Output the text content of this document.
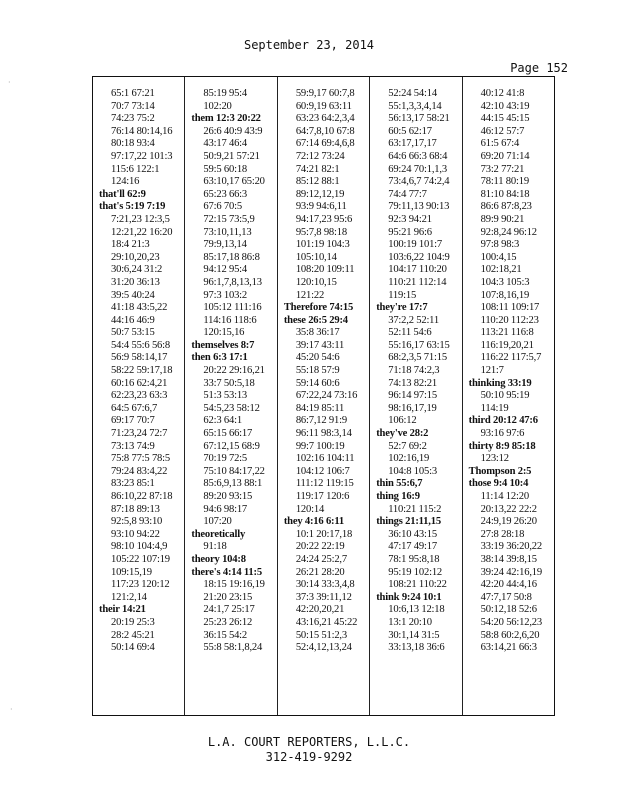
September 23, 2014
Page 152
65:1 67:21
70:7 73:14
74:23 75:2
76:14 80:14,16
80:18 93:4
97:17,22 101:3
115:6 122:1
124:16
that'll 62:9
that's 5:19 7:19
7:21,23 12:3,5
12:21,22 16:20
18:4 21:3
29:10,20,23
30:6,24 31:2
31:20 36:13
39:5 40:24
41:18 43:5,22
44:16 46:9
50:7 53:15
54:4 55:6 56:8
56:9 58:14,17
58:22 59:17,18
60:16 62:4,21
62:23,23 63:3
64:5 67:6,7
69:17 70:7
71:23,24 72:7
73:13 74:9
75:8 77:5 78:5
79:24 83:4,22
83:23 85:1
86:10,22 87:18
87:18 89:13
92:5,8 93:10
93:10 94:22
98:10 104:4,9
105:22 107:19
109:15,19
117:23 120:12
121:2,14
their 14:21
20:19 25:3
28:2 45:21
50:14 69:4
85:19 95:4
102:20
them 12:3 20:22
26:6 40:9 43:9
43:17 46:4
50:9,21 57:21
59:5 60:18
63:10,17 65:20
65:23 66:3
67:6 70:5
72:15 73:5,9
73:10,11,13
79:9,13,14
85:17,18 86:8
94:12 95:4
96:1,7,8,13,13
97:3 103:2
105:12 111:16
114:16 118:6
120:15,16
themselves 8:7
then 6:3 17:1
20:22 29:16,21
33:7 50:5,18
51:3 53:13
54:5,23 58:12
62:3 64:1
65:15 66:17
67:12,15 68:9
70:19 72:5
75:10 84:17,22
85:6,9,13 88:1
89:20 93:15
94:6 98:17
107:20
theoretically
91:18
theory 104:8
there's 4:14 11:5
18:15 19:16,19
21:20 23:15
24:1,7 25:17
25:23 26:12
36:15 54:2
55:8 58:1,8,24
59:9,17 60:7,8
60:9,19 63:11
63:23 64:2,3,4
64:7,8,10 67:8
67:14 69:4,6,8
72:12 73:24
74:21 82:1
85:12 88:1
89:12,12,19
93:9 94:6,11
94:17,23 95:6
95:7,8 98:18
101:19 104:3
105:10,14
108:20 109:11
120:10,15
121:22
Therefore 74:15
these 26:5 29:4
35:8 36:17
39:17 43:11
45:20 54:6
55:18 57:9
59:14 60:6
67:22,24 73:16
84:19 85:11
86:7,12 91:9
96:11 98:3,14
99:7 100:19
102:16 104:11
104:12 106:7
111:12 119:15
119:17 120:6
120:14
they 4:16 6:11
10:1 20:17,18
20:22 22:19
24:24 25:2,7
26:21 28:20
30:14 33:3,4,8
37:3 39:11,12
42:20,20,21
43:16,21 45:22
50:15 51:2,3
52:4,12,13,24
52:24 54:14
55:1,3,3,4,14
56:13,17 58:21
60:5 62:17
63:17,17,17
64:6 66:3 68:4
69:24 70:1,1,3
73:4,6,7 74:2,4
74:4 77:7
79:11,13 90:13
92:3 94:21
95:21 96:6
100:19 101:7
103:6,22 104:9
104:17 110:20
110:21 112:14
119:15
they're 17:7
37:2,2 52:11
52:11 54:6
55:16,17 63:15
68:2,3,5 71:15
71:18 74:2,3
74:13 82:21
96:14 97:15
98:16,17,19
106:12
they've 28:2
52:7 69:2
102:16,19
104:8 105:3
thin 55:6,7
thing 16:9
110:21 115:2
things 21:11,15
36:10 43:15
47:17 49:17
78:1 95:8,18
95:19 102:12
108:21 110:22
think 9:24 10:1
10:6,13 12:18
13:1 20:10
30:1,14 31:5
33:13,18 36:6
40:12 41:8
42:10 43:19
44:15 45:15
46:12 57:7
61:5 67:4
69:20 71:14
73:2 77:21
78:11 80:19
81:10 84:18
86:6 87:8,23
89:9 90:21
92:8,24 96:12
97:8 98:3
100:4,15
102:18,21
104:3 105:3
107:8,16,19
108:11 109:17
110:20 112:23
113:21 116:8
116:19,20,21
116:22 117:5,7
121:7
thinking 33:19
50:10 95:19
114:19
third 20:12 47:6
93:16 97:6
thirty 8:9 85:18
123:12
Thompson 2:5
those 9:4 10:4
11:14 12:20
20:13,22 22:2
24:9,19 26:20
27:8 28:18
33:19 36:20,22
38:14 39:8,15
39:24 42:16,19
42:20 44:4,16
47:7,17 50:8
50:12,18 52:6
54:20 56:12,23
58:8 60:2,6,20
63:14,21 66:3
L.A. COURT REPORTERS, L.L.C.
312-419-9292
·
·
